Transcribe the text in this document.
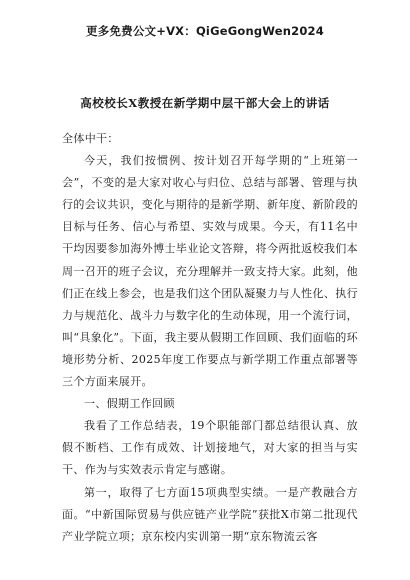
更多免费公文+VX：QiGeGongWen2024
高校校长X教授在新学期中层干部大会上的讲话

全体中干：

今天，我们按惯例、按计划召开每学期的“上班第一会”，不变的是大家对收心与归位、总结与部署、管理与执行的会议共识，变化与期待的是新学期、新年度、新阶段的目标与任务、信心与希望、实效与成果。今天，有11名中干均因要参加海外博士毕业论文答辩，将今两批返校我们本周一召开的班子会议，充分理解并一致支持大家。此刻，他们正在线上参会，也是我们这个团队凝聚力与人性化、执行力与规范化、战斗力与数字化的生动体现，用一个流行词，叫“具象化”。下面，我主要从假期工作回顾、我们面临的环境形势分析、2025年度工作要点与新学期工作重点部署等三个方面来展开。

一、假期工作回顾

我看了工作总结表，19个职能部门都总结很认真、放假不断档、工作有成效、计划接地气，对大家的担当与实干、作为与实效表示肯定与感谢。

第一，取得了七方面15项典型实绩。一是产教融合方面。“中新国际贸易与供应链产业学院”获批X市第二批现代产业学院立项；京东校内实训第一期“京东物流云客
